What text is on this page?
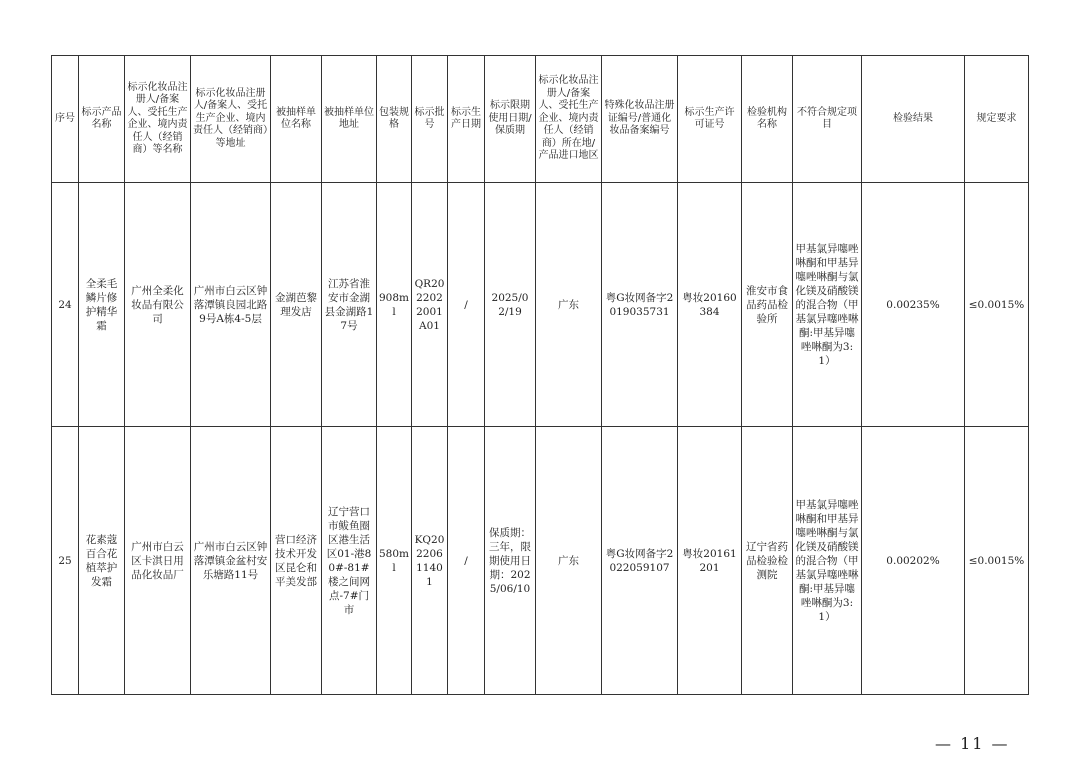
序号	标示产品名称	标示化妆品注册人/备案人、受托生产企业、境内责任人（经销商）等名称	标示化妆品注册人/备案人、受托生产企业、境内责任人（经销商）等地址	被抽样单位名称	被抽样单位地址	包装规格	标示批号	标示生产日期	标示限期使用日期/保质期	标示化妆品注册人/备案人、受托生产企业、境内责任人（经销商）所在地/产品进口地区	特殊化妆品注册证编号/普通化妆品备案编号	标示生产许可证号	检验机构名称	不符合规定项目	检验结果	规定要求
24	全柔毛鳞片修护精华霜	广州全柔化妆品有限公司	广州市白云区钟落潭镇良园北路9号A栋4-5层	金湖芭黎理发店	江苏省淮安市金湖县金湖路17号	908ml	QR2022022001A01	/	2025/02/19	广东	粤G妆网备字2019035731	粤妆20160384	淮安市食品药品检验所	甲基氯异噻唑啉酮和甲基异噻唑啉酮与氯化镁及硝酸镁的混合物（甲基氯异噻唑啉酮:甲基异噻唑啉酮为3:1）	0.00235%	≤0.0015%
25	花素蔻百合花植萃护发霜	广州市白云区卡淇日用品化妆品厂	广州市白云区钟落潭镇金盆村安乐塘路11号	营口经济技术开发区昆仑和平美发部	辽宁营口市鲅鱼圈区港生活区01-港80#-81#楼之间网点-7#门市	580ml	KQ20220611401	/	保质期：三年，限期使用日期：2025/06/10	广东	粤G妆网备字2022059107	粤妆20161201	辽宁省药品检验检测院	甲基氯异噻唑啉酮和甲基异噻唑啉酮与氯化镁及硝酸镁的混合物（甲基氯异噻唑啉酮:甲基异噻唑啉酮为3:1）	0.00202%	≤0.0015%
— 11 —
